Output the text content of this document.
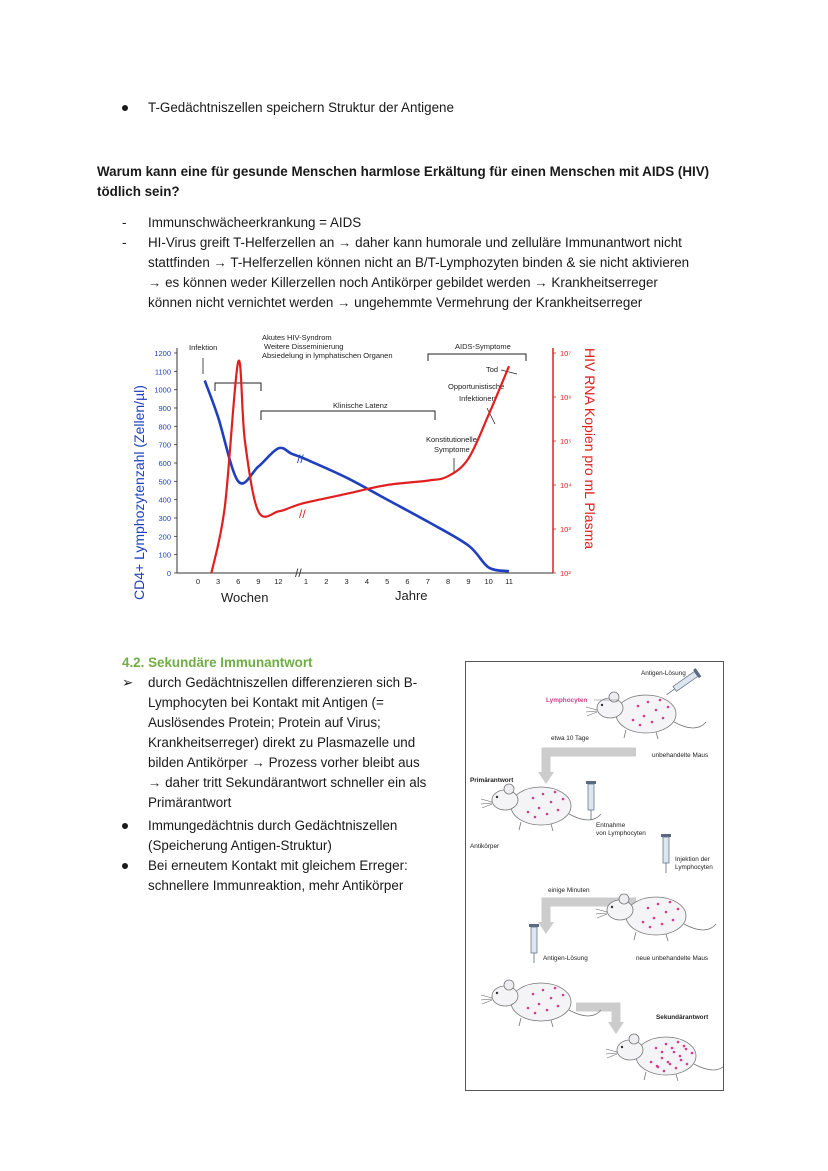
T-Gedächtniszellen speichern Struktur der Antigene
Warum kann eine für gesunde Menschen harmlose Erkältung für einen Menschen mit AIDS (HIV)
tödlich sein?
- Immunschwächeerkrankung = AIDS
- HI-Virus greift T-Helferzellen an → daher kann humorale und zelluläre Immunantwort nicht
stattfinden → T-Helferzellen können nicht an B/T-Lymphozyten binden & sie nicht aktivieren
→ es können weder Killerzellen noch Antikörper gebildet werden → Krankheitserreger
können nicht vernichtet werden → ungehemmte Vermehrung der Krankheitserreger
CD4+ Lymphozytenzahl (Zellen/µl)	HIV RNA Kopien pro mL Plasma
0
100
200
300
400
500
600
700
800
900
1000
1100
1200
10²
10³
10⁴
10⁵
10⁶
10⁷
0 3 6 9 12	1 2 3 4 5 6 7 8 9 10 11
//
Wochen	Jahre
Infektion
Akutes HIV-Syndrom
Weitere Disseminierung
Absiedelung in lymphatischen Organen
AIDS-Symptome
Tod
Opportunistische
Infektionen
Klinische Latenz
Konstitutionelle
Symptome
//
//
4.2. Sekundäre Immunantwort
➢ durch Gedächtniszellen differenzieren sich B-
Lymphocyten bei Kontakt mit Antigen (=
Auslösendes Protein; Protein auf Virus;
Krankheitserreger) direkt zu Plasmazelle und
bilden Antikörper → Prozess vorher bleibt aus
→ daher tritt Sekundärantwort schneller ein als
Primärantwort
Immungedächtnis durch Gedächtniszellen
(Speicherung Antigen-Struktur)
Bei erneutem Kontakt mit gleichem Erreger:
schnellere Immunreaktion, mehr Antikörper
Antigen-Lösung
Lymphocyten
etwa 10 Tage
unbehandelte Maus
Primärantwort
Entnahme
von Lymphocyten
Antikörper
Injektion der
Lymphocyten
einige Minuten
Antigen-Lösung	neue unbehandelte Maus
Sekundärantwort
